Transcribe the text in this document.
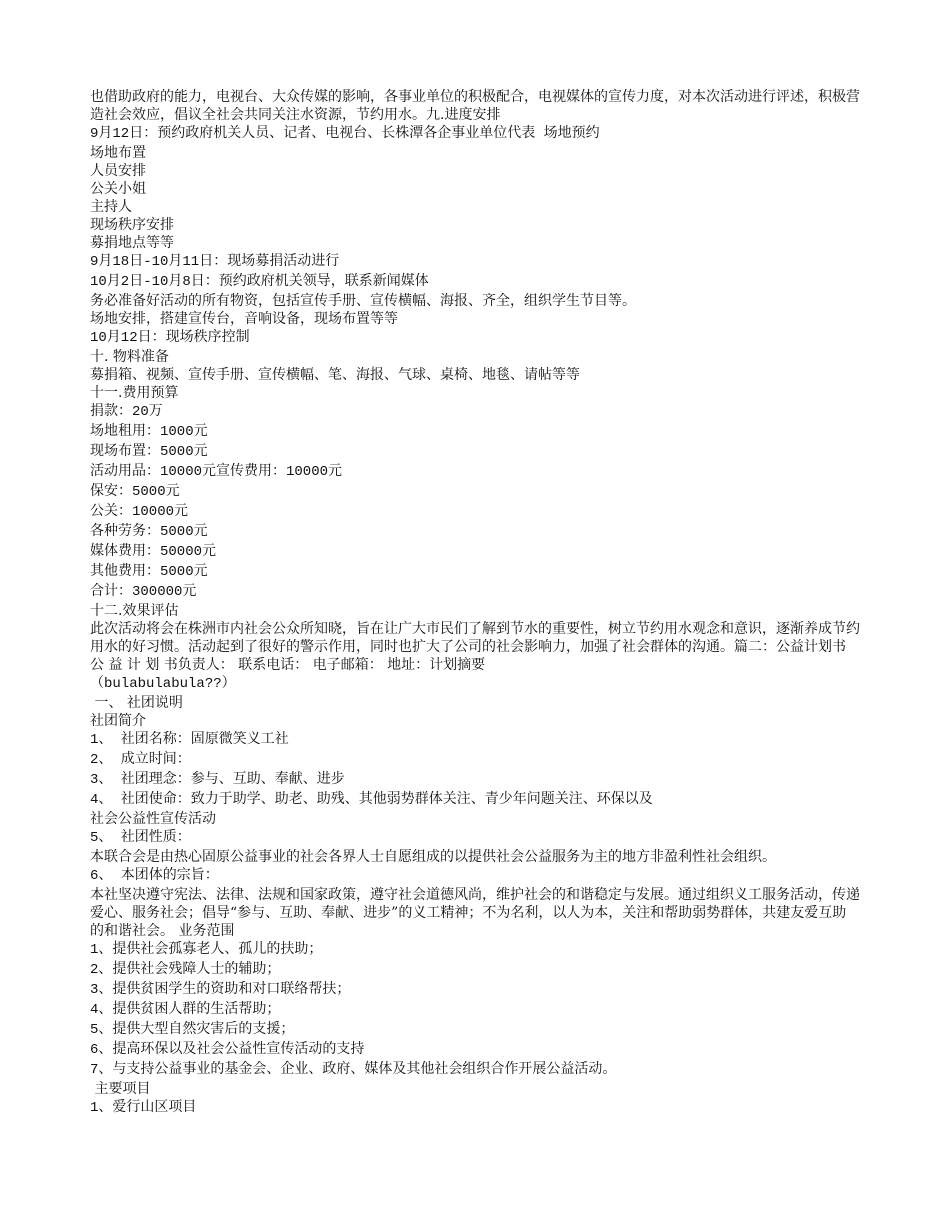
也借助政府的能力，电视台、大众传媒的影响，各事业单位的积极配合，电视媒体的宣传力度，对本次活动进行评述，积极营造社会效应，倡议全社会共同关注水资源，节约用水。九.进度安排
9月12日：预约政府机关人员、记者、电视台、长株潭各企事业单位代表 场地预约
场地布置
人员安排
公关小姐
主持人
现场秩序安排
募捐地点等等
9月18日-10月11日：现场募捐活动进行
10月2日-10月8日：预约政府机关领导，联系新闻媒体
务必准备好活动的所有物资，包括宣传手册、宣传横幅、海报、齐全，组织学生节目等。
场地安排，搭建宣传台，音响设备，现场布置等等
10月12日：现场秩序控制
十. 物料准备
募捐箱、视频、宣传手册、宣传横幅、笔、海报、气球、桌椅、地毯、请帖等等
十一.费用预算
捐款：20万
场地租用：1000元
现场布置：5000元
活动用品：10000元宣传费用：10000元
保安：5000元
公关：10000元
各种劳务：5000元
媒体费用：50000元
其他费用：5000元
合计：300000元
十二.效果评估
此次活动将会在株洲市内社会公众所知晓，旨在让广大市民们了解到节水的重要性，树立节约用水观念和意识，逐渐养成节约用水的好习惯。活动起到了很好的警示作用，同时也扩大了公司的社会影响力，加强了社会群体的沟通。篇二：公益计划书
公 益 计 划 书负责人： 联系电话： 电子邮箱： 地址：计划摘要
（bulabulabula??）
一、 社团说明
社团简介
1、 社团名称：固原微笑义工社
2、 成立时间：
3、 社团理念：参与、互助、奉献、进步
4、 社团使命：致力于助学、助老、助残、其他弱势群体关注、青少年问题关注、环保以及
社会公益性宣传活动
5、 社团性质：
本联合会是由热心固原公益事业的社会各界人士自愿组成的以提供社会公益服务为主的地方非盈利性社会组织。
6、 本团体的宗旨：
本社坚决遵守宪法、法律、法规和国家政策，遵守社会道德风尚，维护社会的和谐稳定与发展。通过组织义工服务活动，传递爱心、服务社会；倡导“参与、互助、奉献、进步”的义工精神；不为名利，以人为本，关注和帮助弱势群体，共建友爱互助的和谐社会。 业务范围
1、提供社会孤寡老人、孤儿的扶助；
2、提供社会残障人士的辅助；
3、提供贫困学生的资助和对口联络帮扶；
4、提供贫困人群的生活帮助；
5、提供大型自然灾害后的支援；
6、提高环保以及社会公益性宣传活动的支持
7、与支持公益事业的基金会、企业、政府、媒体及其他社会组织合作开展公益活动。
主要项目
1、爱行山区项目
